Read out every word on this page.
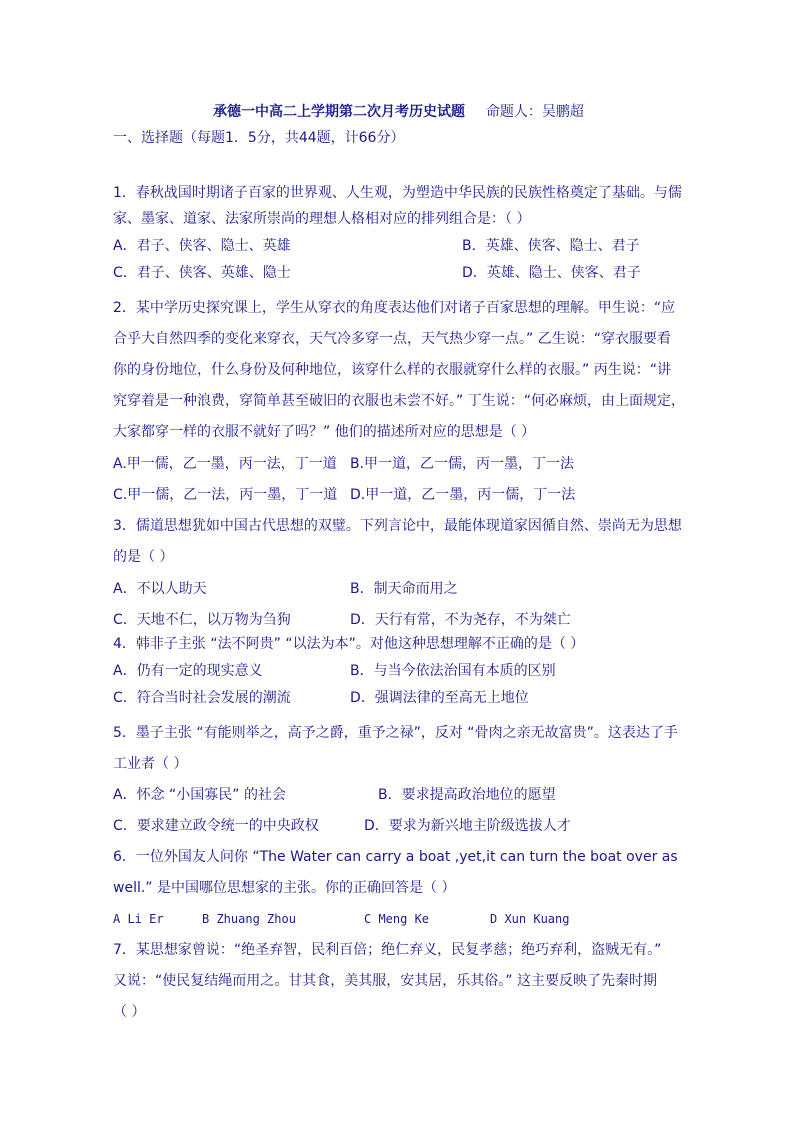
承德一中高二上学期第二次月考历史试题 命题人：吴鹏超
一、选择题（每题1．5分，共44题，计66分）
1．春秋战国时期诸子百家的世界观、人生观，为塑造中华民族的民族性格奠定了基础。与儒
家、墨家、道家、法家所崇尚的理想人格相对应的排列组合是：（ ）
A．君子、侠客、隐士、英雄	B．英雄、侠客、隐士、君子
C．君子、侠客、英雄、隐士	D．英雄、隐士、侠客、君子
2．某中学历史探究课上，学生从穿衣的角度表达他们对诸子百家思想的理解。甲生说：“应
合乎大自然四季的变化来穿衣，天气冷多穿一点，天气热少穿一点。” 乙生说：“穿衣服要看
你的身份地位，什么身份及何种地位，该穿什么样的衣服就穿什么样的衣服。” 丙生说：“讲
究穿着是一种浪费，穿简单甚至破旧的衣服也未尝不好。” 丁生说：“何必麻烦，由上面规定，
大家都穿一样的衣服不就好了吗？” 他们的描述所对应的思想是（ ）
A.甲一儒，乙一墨，丙一法，丁一道 B.甲一道，乙一儒，丙一墨，丁一法
C.甲一儒，乙一法，丙一墨，丁一道 D.甲一道，乙一墨，丙一儒，丁一法
3．儒道思想犹如中国古代思想的双璧。下列言论中，最能体现道家因循自然、崇尚无为思想
的是（ ）
A．不以人助天	B．制天命而用之
C．天地不仁，以万物为刍狗	D．天行有常，不为尧存，不为桀亡
4．韩非子主张 “法不阿贵” “以法为本”。对他这种思想理解不正确的是（ ）
A．仍有一定的现实意义	B．与当今依法治国有本质的区别
C．符合当时社会发展的潮流	D．强调法律的至高无上地位
5．墨子主张 “有能则举之，高予之爵，重予之禄”，反对 “骨肉之亲无故富贵”。这表达了手
工业者（ ）
A．怀念 “小国寡民” 的社会	B．要求提高政治地位的愿望
C．要求建立政令统一的中央政权	D．要求为新兴地主阶级选拔人才
6．一位外国友人问你 “The Water can carry a boat ,yet,it can turn the boat over as
well.” 是中国哪位思想家的主张。你的正确回答是（ ）
A Li Er	B Zhuang Zhou	C Meng Ke	D Xun Kuang
7．某思想家曾说：“绝圣弃智，民利百倍；绝仁弃义，民复孝慈；绝巧弃利，盗贼无有。”
又说：“使民复结绳而用之。甘其食，美其服，安其居，乐其俗。” 这主要反映了先秦时期
（ ）
